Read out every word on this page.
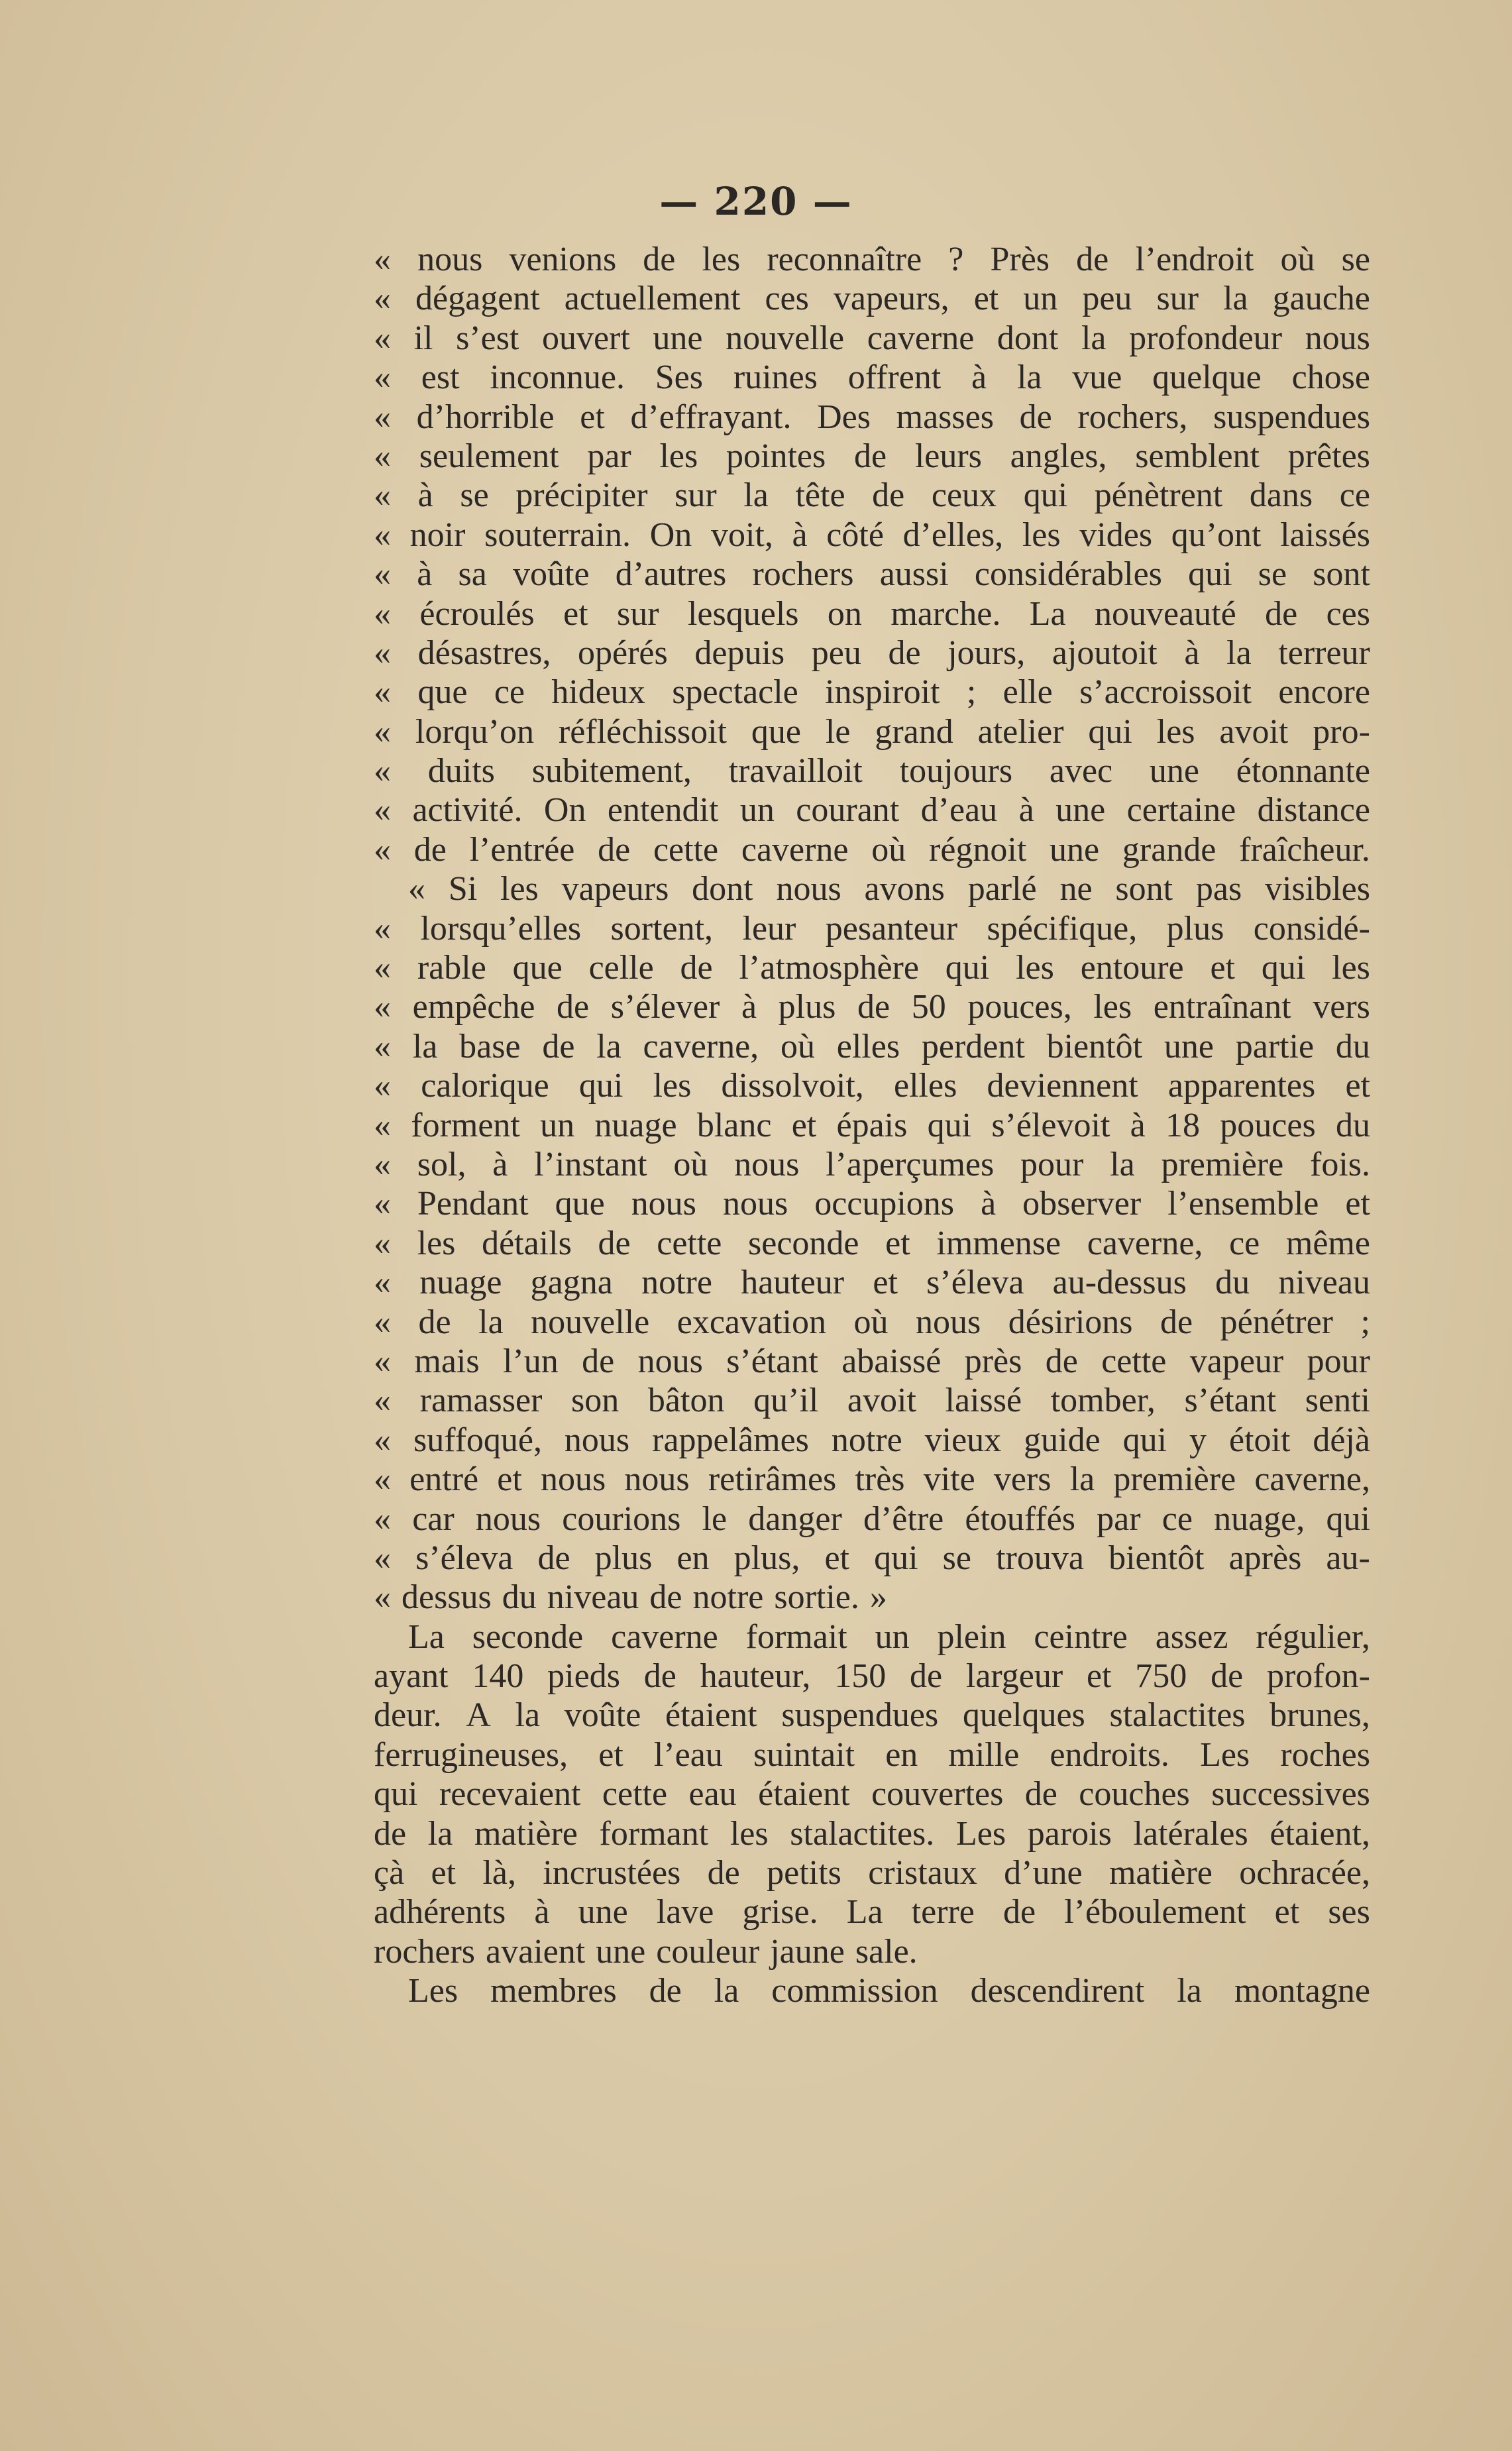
— 220 —
« nous venions de les reconnaître ? Près de l’endroit où se
« dégagent actuellement ces vapeurs, et un peu sur la gauche
« il s’est ouvert une nouvelle caverne dont la profondeur nous
« est inconnue. Ses ruines offrent à la vue quelque chose
« d’horrible et d’effrayant. Des masses de rochers, suspendues
« seulement par les pointes de leurs angles, semblent prêtes
« à se précipiter sur la tête de ceux qui pénètrent dans ce
« noir souterrain. On voit, à côté d’elles, les vides qu’ont laissés
« à sa voûte d’autres rochers aussi considérables qui se sont
« écroulés et sur lesquels on marche. La nouveauté de ces
« désastres, opérés depuis peu de jours, ajoutoit à la terreur
« que ce hideux spectacle inspiroit ; elle s’accroissoit encore
« lorqu’on réfléchissoit que le grand atelier qui les avoit pro-
« duits subitement, travailloit toujours avec une étonnante
« activité. On entendit un courant d’eau à une certaine distance
« de l’entrée de cette caverne où régnoit une grande fraîcheur.
« Si les vapeurs dont nous avons parlé ne sont pas visibles
« lorsqu’elles sortent, leur pesanteur spécifique, plus considé-
« rable que celle de l’atmosphère qui les entoure et qui les
« empêche de s’élever à plus de 50 pouces, les entraînant vers
« la base de la caverne, où elles perdent bientôt une partie du
« calorique qui les dissolvoit, elles deviennent apparentes et
« forment un nuage blanc et épais qui s’élevoit à 18 pouces du
« sol, à l’instant où nous l’aperçumes pour la première fois.
« Pendant que nous nous occupions à observer l’ensemble et
« les détails de cette seconde et immense caverne, ce même
« nuage gagna notre hauteur et s’éleva au-dessus du niveau
« de la nouvelle excavation où nous désirions de pénétrer ;
« mais l’un de nous s’étant abaissé près de cette vapeur pour
« ramasser son bâton qu’il avoit laissé tomber, s’étant senti
« suffoqué, nous rappelâmes notre vieux guide qui y étoit déjà
« entré et nous nous retirâmes très vite vers la première caverne,
« car nous courions le danger d’être étouffés par ce nuage, qui
« s’éleva de plus en plus, et qui se trouva bientôt après au-
« dessus du niveau de notre sortie. »
La seconde caverne formait un plein ceintre assez régulier,
ayant 140 pieds de hauteur, 150 de largeur et 750 de profon-
deur. A la voûte étaient suspendues quelques stalactites brunes,
ferrugineuses, et l’eau suintait en mille endroits. Les roches
qui recevaient cette eau étaient couvertes de couches successives
de la matière formant les stalactites. Les parois latérales étaient,
çà et là, incrustées de petits cristaux d’une matière ochracée,
adhérents à une lave grise. La terre de l’éboulement et ses
rochers avaient une couleur jaune sale.
Les membres de la commission descendirent la montagne
